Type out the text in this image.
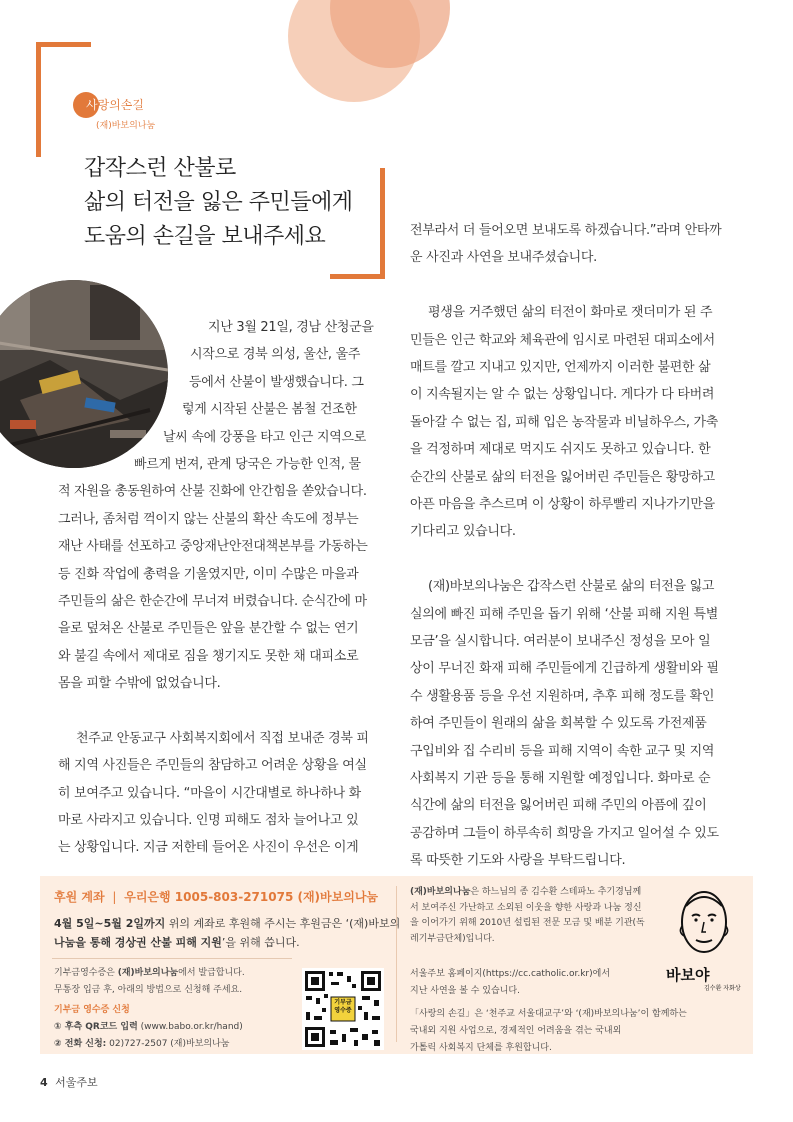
사랑의손길
(재)바보의나눔
갑작스런 산불로
삶의 터전을 잃은 주민들에게
도움의 손길을 보내주세요
지난 3월 21일, 경남 산청군을
시작으로 경북 의성, 울산, 울주
등에서 산불이 발생했습니다. 그
렇게 시작된 산불은 봄철 건조한
날씨 속에 강풍을 타고 인근 지역으로
빠르게 번져, 관계 당국은 가능한 인적, 물
적 자원을 총동원하여 산불 진화에 안간힘을 쏟았습니다.
그러나, 좀처럼 꺽이지 않는 산불의 확산 속도에 정부는
재난 사태를 선포하고 중앙재난안전대책본부를 가동하는
등 진화 작업에 총력을 기울였지만, 이미 수많은 마을과
주민들의 삶은 한순간에 무너져 버렸습니다. 순식간에 마
을로 덮쳐온 산불로 주민들은 앞을 분간할 수 없는 연기
와 불길 속에서 제대로 짐을 챙기지도 못한 채 대피소로
몸을 피할 수밖에 없었습니다.
천주교 안동교구 사회복지회에서 직접 보내준 경북 피
해 지역 사진들은 주민들의 참담하고 어려운 상황을 여실
히 보여주고 있습니다. “마을이 시간대별로 하나하나 화
마로 사라지고 있습니다. 인명 피해도 점차 늘어나고 있
는 상황입니다. 지금 저한테 들어온 사진이 우선은 이게
전부라서 더 들어오면 보내도록 하겠습니다.”라며 안타까
운 사진과 사연을 보내주셨습니다.
평생을 거주했던 삶의 터전이 화마로 잿더미가 된 주
민들은 인근 학교와 체육관에 임시로 마련된 대피소에서
매트를 깔고 지내고 있지만, 언제까지 이러한 불편한 삶
이 지속될지는 알 수 없는 상황입니다. 게다가 다 타버려
돌아갈 수 없는 집, 피해 입은 농작물과 비닐하우스, 가축
을 걱정하며 제대로 먹지도 쉬지도 못하고 있습니다. 한
순간의 산불로 삶의 터전을 잃어버린 주민들은 황망하고
아픈 마음을 추스르며 이 상황이 하루빨리 지나가기만을
기다리고 있습니다.
(재)바보의나눔은 갑작스런 산불로 삶의 터전을 잃고
실의에 빠진 피해 주민을 돕기 위해 ‘산불 피해 지원 특별
모금’을 실시합니다. 여러분이 보내주신 정성을 모아 일
상이 무너진 화재 피해 주민들에게 긴급하게 생활비와 필
수 생활용품 등을 우선 지원하며, 추후 피해 정도를 확인
하여 주민들이 원래의 삶을 회복할 수 있도록 가전제품
구입비와 집 수리비 등을 피해 지역이 속한 교구 및 지역
사회복지 기관 등을 통해 지원할 예정입니다. 화마로 순
식간에 삶의 터전을 잃어버린 피해 주민의 아픔에 깊이
공감하며 그들이 하루속히 희망을 가지고 일어설 수 있도
록 따뜻한 기도와 사랑을 부탁드립니다.
후원 계좌 | 우리은행 1005-803-271075 (재)바보의나눔
4월 5일~5월 2일까지 위의 계좌로 후원해 주시는 후원금은 ‘(재)바보의
나눔을 통해 경상권 산불 피해 지원’을 위해 씁니다.
기부금영수증은 (재)바보의나눔에서 발급합니다.
무통장 입금 후, 아래의 방법으로 신청해 주세요.
기부금 영수증 신청
① 후측 QR코드 입력 (www.babo.or.kr/hand)
② 전화 신청: 02)727-2507 (재)바보의나눔
기부금
영수증
(재)바보의나눔은 하느님의 종 김수환 스테파노 추기경님께
서 보여주신 가난하고 소외된 이웃을 향한 사랑과 나눔 정신
을 이어가기 위해 2010년 설립된 전문 모금 및 배분 기관(독
레기부금단체)입니다.
서울주보 홈페이지(https://cc.catholic.or.kr)에서
지난 사연을 볼 수 있습니다.
「사랑의 손길」은 ‘천주교 서울대교구’와 ‘(재)바보의나눔’이 함께하는
국내외 지원 사업으로, 경제적인 어려움을 겪는 국내외
가톨릭 사회복지 단체를 후원합니다.
바보야
김수환 자화상
4 서울주보
